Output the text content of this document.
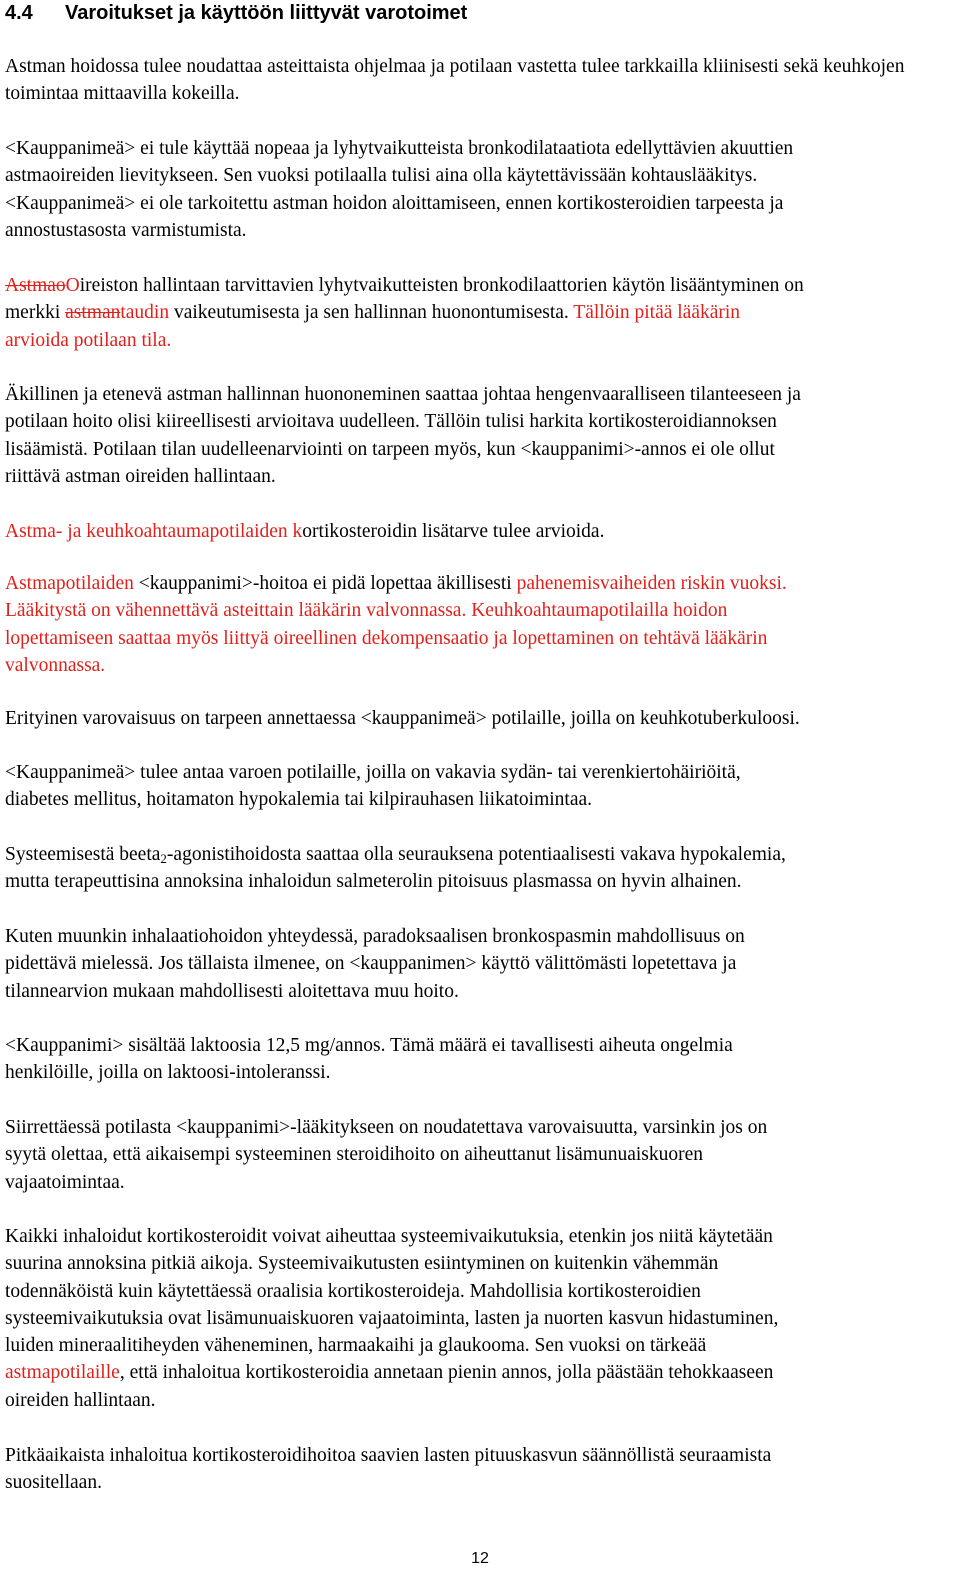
4.4 Varoitukset ja käyttöön liittyvät varotoimet
Astman hoidossa tulee noudattaa asteittaista ohjelmaa ja potilaan vastetta tulee tarkkailla kliinisesti sekä keuhkojen toimintaa mittaavilla kokeilla.
<Kauppanimeä> ei tule käyttää nopeaa ja lyhytvaikutteista bronkodilataatiota edellyttävien akuuttien
astmaoireiden lievitykseen. Sen vuoksi potilaalla tulisi aina olla käytettävissään kohtauslääkitys.
<Kauppanimeä> ei ole tarkoitettu astman hoidon aloittamiseen, ennen kortikosteroidien tarpeesta ja
annostustasosta varmistumista.
AstmaoOireiston hallintaan tarvittavien lyhytvaikutteisten bronkodilaattorien käytön lisääntyminen on
merkki astmantaudin vaikeutumisesta ja sen hallinnan huonontumisesta. Tällöin pitää lääkärin
arvioida potilaan tila.
Äkillinen ja etenevä astman hallinnan huononeminen saattaa johtaa hengenvaaralliseen tilanteeseen ja
potilaan hoito olisi kiireellisesti arvioitava uudelleen. Tällöin tulisi harkita kortikosteroidiannoksen
lisäämistä. Potilaan tilan uudelleenarviointi on tarpeen myös, kun <kauppanimi>-annos ei ole ollut
riittävä astman oireiden hallintaan.
Astma- ja keuhkoahtaumapotilaiden kortikosteroidin lisätarve tulee arvioida.
Astmapotilaiden <kauppanimi>-hoitoa ei pidä lopettaa äkillisesti pahenemisvaiheiden riskin vuoksi.
Lääkitystä on vähennettävä asteittain lääkärin valvonnassa. Keuhkoahtaumapotilailla hoidon
lopettamiseen saattaa myös liittyä oireellinen dekompensaatio ja lopettaminen on tehtävä lääkärin
valvonnassa.
Erityinen varovaisuus on tarpeen annettaessa <kauppanimeä> potilaille, joilla on keuhkotuberkuloosi.
<Kauppanimeä> tulee antaa varoen potilaille, joilla on vakavia sydän- tai verenkiertohäiriöitä,
diabetes mellitus, hoitamaton hypokalemia tai kilpirauhasen liikatoimintaa.
Systeemisestä beeta$_2$-agonistihoidosta saattaa olla seurauksena potentiaalisesti vakava hypokalemia,
mutta terapeuttisina annoksina inhaloidun salmeterolin pitoisuus plasmassa on hyvin alhainen.
Kuten muunkin inhalaatiohoidon yhteydessä, paradoksaalisen bronkospasmin mahdollisuus on
pidettävä mielessä. Jos tällaista ilmenee, on <kauppanimen> käyttö välittömästi lopetettava ja
tilannearvion mukaan mahdollisesti aloitettava muu hoito.
<Kauppanimi> sisältää laktoosia 12,5 mg/annos. Tämä määrä ei tavallisesti aiheuta ongelmia
henkilöille, joilla on laktoosi-intoleranssi.
Siirrettäessä potilasta <kauppanimi>-lääkitykseen on noudatettava varovaisuutta, varsinkin jos on
syytä olettaa, että aikaisempi systeeminen steroidihoito on aiheuttanut lisämunuaiskuoren
vajaatoimintaa.
Kaikki inhaloidut kortikosteroidit voivat aiheuttaa systeemivaikutuksia, etenkin jos niitä käytetään
suurina annoksina pitkiä aikoja. Systeemivaikutusten esiintyminen on kuitenkin vähemmän
todennäköistä kuin käytettäessä oraalisia kortikosteroideja. Mahdollisia kortikosteroidien
systeemivaikutuksia ovat lisämunuaiskuoren vajaatoiminta, lasten ja nuorten kasvun hidastuminen,
luiden mineraalitiheyden väheneminen, harmaakaihi ja glaukooma. Sen vuoksi on tärkeää
astmapotilaille, että inhaloitua kortikosteroidia annetaan pienin annos, jolla päästään tehokkaaseen
oireiden hallintaan.
Pitkäaikaista inhaloitua kortikosteroidihoitoa saavien lasten pituuskasvun säännöllistä seuraamista
suositellaan.
12
